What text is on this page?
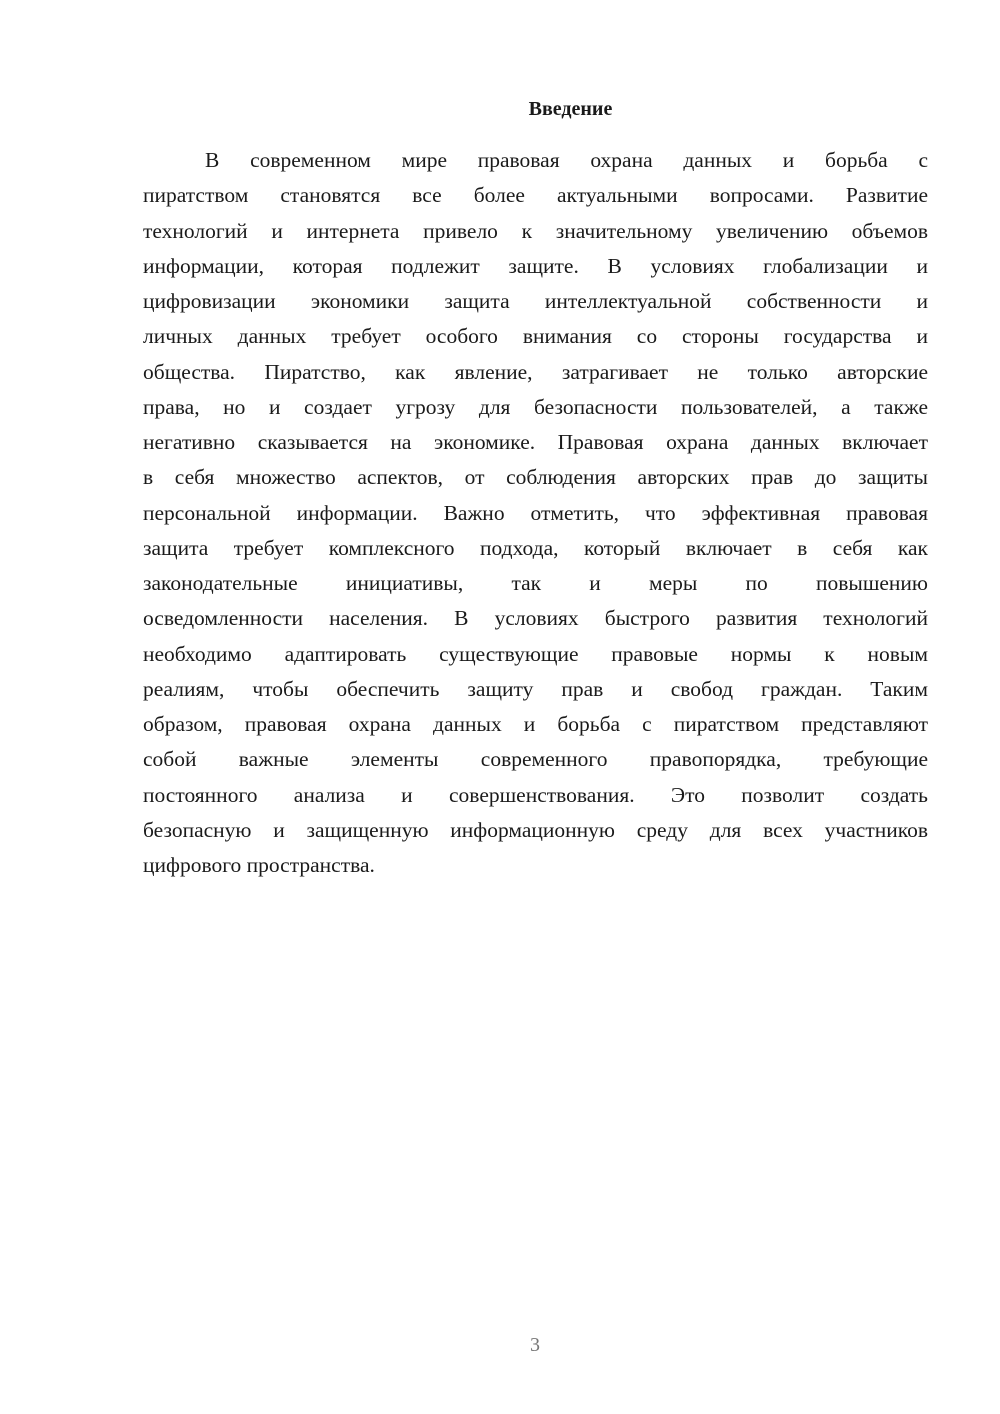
Введение
В современном мире правовая охрана данных и борьба с
пиратством становятся все более актуальными вопросами. Развитие
технологий и интернета привело к значительному увеличению объемов
информации, которая подлежит защите. В условиях глобализации и
цифровизации экономики защита интеллектуальной собственности и
личных данных требует особого внимания со стороны государства и
общества. Пиратство, как явление, затрагивает не только авторские
права, но и создает угрозу для безопасности пользователей, а также
негативно сказывается на экономике. Правовая охрана данных включает
в себя множество аспектов, от соблюдения авторских прав до защиты
персональной информации. Важно отметить, что эффективная правовая
защита требует комплексного подхода, который включает в себя как
законодательные инициативы, так и меры по повышению
осведомленности населения. В условиях быстрого развития технологий
необходимо адаптировать существующие правовые нормы к новым
реалиям, чтобы обеспечить защиту прав и свобод граждан. Таким
образом, правовая охрана данных и борьба с пиратством представляют
собой важные элементы современного правопорядка, требующие
постоянного анализа и совершенствования. Это позволит создать
безопасную и защищенную информационную среду для всех участников
цифрового пространства.
3
